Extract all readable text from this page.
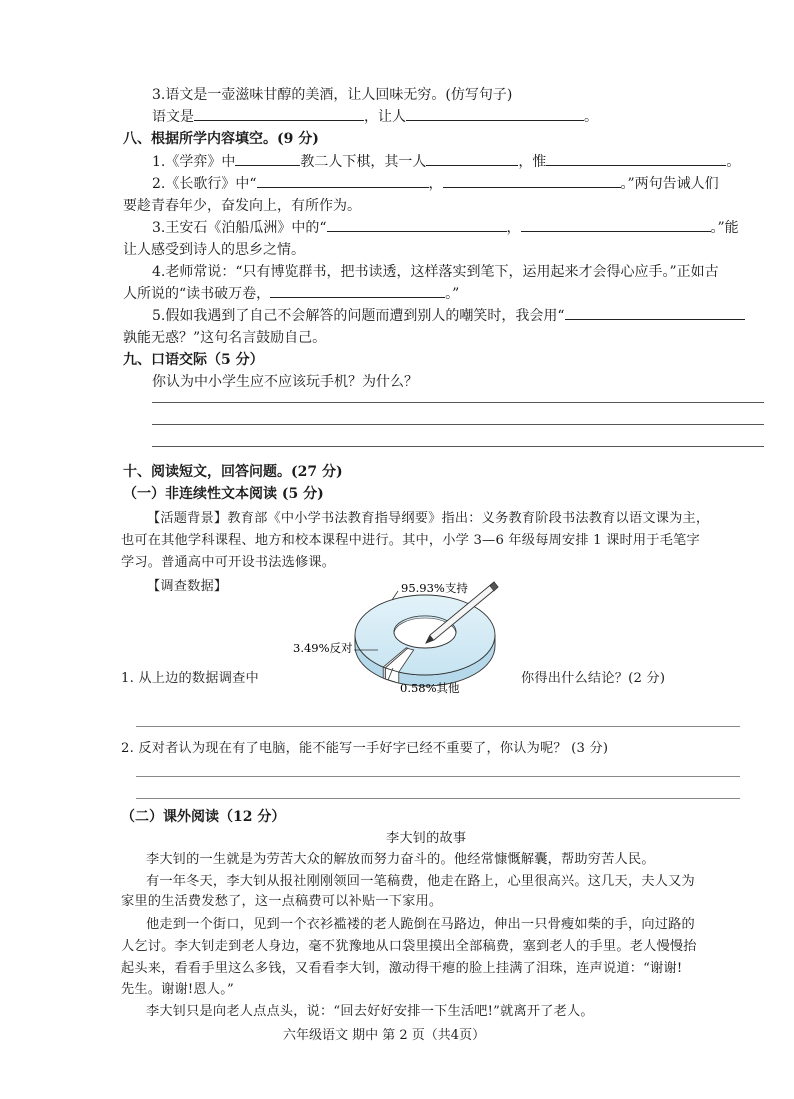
3.语文是一壶滋味甘醇的美酒，让人回味无穷。(仿写句子)
语文是	，让人	。
八、根据所学内容填空。(9 分)
1.《学弈》中	教二人下棋，其一人	，惟	。
2.《长歌行》中“	，	。”两句告诫人们
要趁青春年少，奋发向上，有所作为。
3.王安石《泊船瓜洲》中的“	，	。”能
让人感受到诗人的思乡之情。
4.老师常说：“只有博览群书，把书读透，这样落实到笔下，运用起来才会得心应手。”正如古
人所说的“读书破万卷，	。”
5.假如我遇到了自己不会解答的问题而遭到别人的嘲笑时，我会用“
孰能无惑？”这句名言鼓励自己。
九、口语交际（5 分）
你认为中小学生应不应该玩手机？为什么？
十、阅读短文，回答问题。(27 分)
（一）非连续性文本阅读 (5 分)
【活题背景】教育部《中小学书法教育指导纲要》指出：义务教育阶段书法教育以语文课为主，
也可在其他学科课程、地方和校本课程中进行。其中，小学 3—6 年级每周安排 1 课时用于毛笔字
学习。普通高中可开设书法选修课。
【调查数据】	95.93%支持
3.49%反对
0.58%其他
1. 从上边的数据调查中	你得出什么结论？(2 分)
2. 反对者认为现在有了电脑，能不能写一手好字已经不重要了，你认为呢？ (3 分)
（二）课外阅读（12 分）
李大钊的故事
李大钊的一生就是为劳苦大众的解放而努力奋斗的。他经常慷慨解囊，帮助穷苦人民。
有一年冬天，李大钊从报社刚刚领回一笔稿费，他走在路上，心里很高兴。这几天，夫人又为
家里的生活费发愁了，这一点稿费可以补贴一下家用。
他走到一个街口，见到一个衣衫褴褛的老人跪倒在马路边，伸出一只骨瘦如柴的手，向过路的
人乞讨。李大钊走到老人身边，毫不犹豫地从口袋里摸出全部稿费，塞到老人的手里。老人慢慢抬
起头来，看看手里这么多钱，又看看李大钊，激动得干瘪的脸上挂满了泪珠，连声说道：“谢谢!
先生。谢谢!恩人。”
李大钊只是向老人点点头，说：“回去好好安排一下生活吧!”就离开了老人。
六年级语文 期中 第 2 页（共4页）
